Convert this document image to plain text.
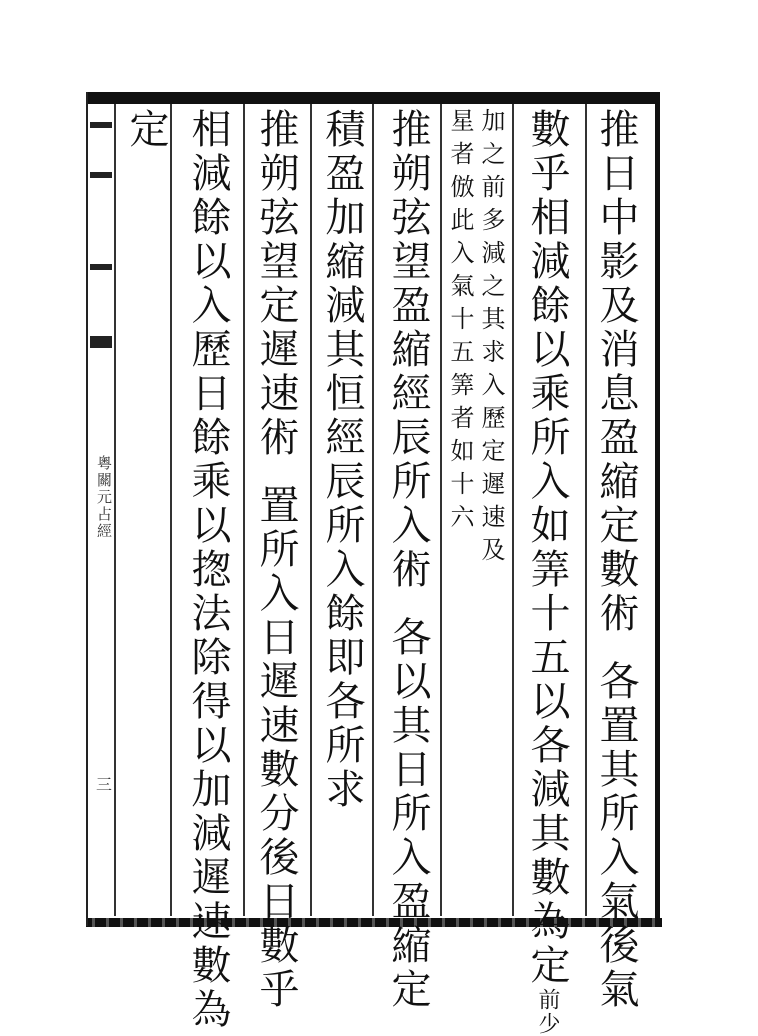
粵關元占經
三
推日中影及消息盈縮定數術各置其所入氣後氣
數乎相減餘以乘所入如筭十五以各減其數為定前少
加之前多減之其求入歷定遲速及
星者倣此入氣十五筭者如十六
推朔弦望盈縮經辰所入術各以其日所入盈縮定
積盈加縮減其恒經辰所入餘即各所求
推朔弦望定遲速術置所入日遲速數分後日數乎
相減餘以入歷日餘乘以揔法除得以加減遲速數為
定
